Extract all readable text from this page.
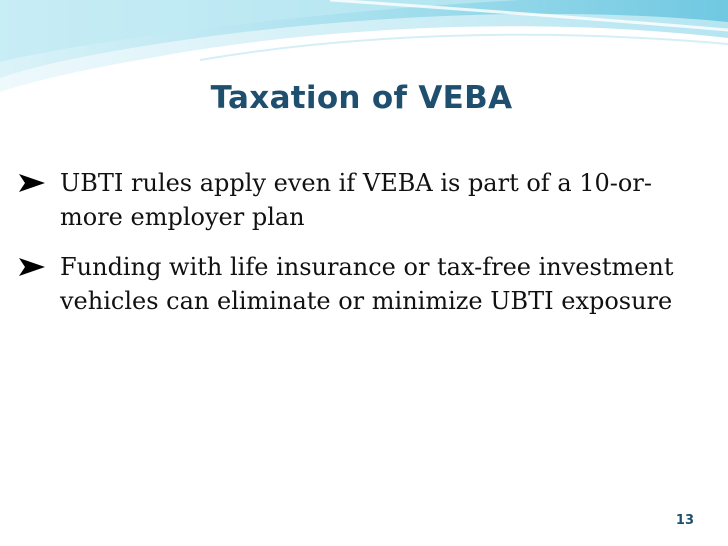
Taxation of VEBA
UBTI rules apply even if VEBA is part of a 10-or-more employer plan
Funding with life insurance or tax-free investment vehicles can eliminate or minimize UBTI exposure
13
